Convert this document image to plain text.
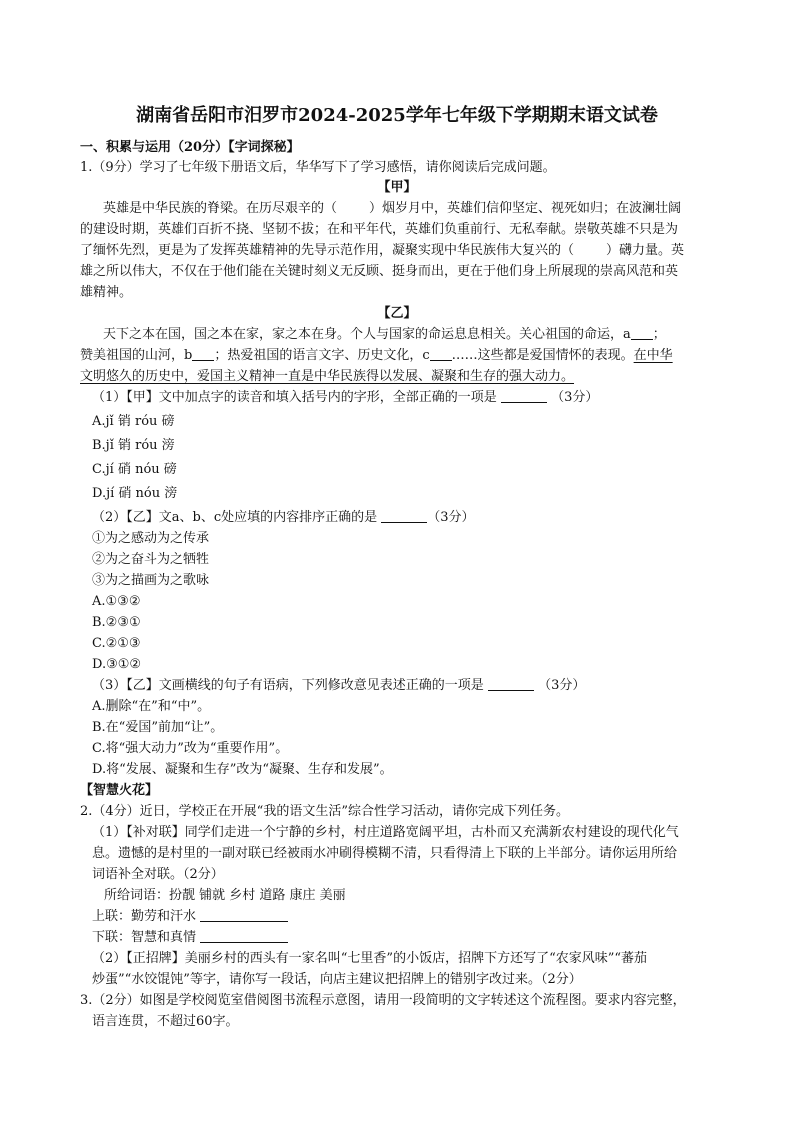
湖南省岳阳市汨罗市2024-2025学年七年级下学期期末语文试卷
一、积累与运用（20分）【字词探秘】
1.（9分）学习了七年级下册语文后，华华写下了学习感悟，请你阅读后完成问题。
【甲】
英雄是中华民族的脊梁。在历尽艰辛的（ ）烟岁月中，英雄们信仰坚定、视死如归；在波澜壮阔
的建设时期，英雄们百折不挠、坚韧不拔；在和平年代，英雄们负重前行、无私奉献。崇敬英雄不只是为
了缅怀先烈，更是为了发挥英雄精神的先导示范作用，凝聚实现中华民族伟大复兴的（ ）礴力量。英
雄之所以伟大，不仅在于他们能在关键时刻义无反顾、挺身而出，更在于他们身上所展现的崇高风范和英
雄精神。
【乙】
天下之本在国，国之本在家，家之本在身。个人与国家的命运息息相关。关心祖国的命运，a ；
赞美祖国的山河，b ；热爱祖国的语言文字、历史文化，c ……这些都是爱国情怀的表现。在中华
文明悠久的历史中，爱国主义精神一直是中华民族得以发展、凝聚和生存的强大动力。
（1）【甲】文中加点字的读音和填入括号内的字形，全部正确的一项是	（3分）
A.jǐ 销 róu 磅
B.jǐ 销 róu 滂
C.jí 硝 nóu 磅
D.jí 硝 nóu 滂
（2）【乙】文a、b、c处应填的内容排序正确的是	（3分）
①为之感动为之传承
②为之奋斗为之牺牲
③为之描画为之歌咏
A.①③②
B.②③①
C.②①③
D.③①②
（3）【乙】文画横线的句子有语病，下列修改意见表述正确的一项是	（3分）
A.删除“在”和“中”。
B.在“爱国”前加“让”。
C.将“强大动力”改为“重要作用”。
D.将“发展、凝聚和生存”改为“凝聚、生存和发展”。
【智慧火花】
2.（4分）近日，学校正在开展“我的语文生活”综合性学习活动，请你完成下列任务。
（1）【补对联】同学们走进一个宁静的乡村，村庄道路宽阔平坦，古朴而又充满新农村建设的现代化气
息。遗憾的是村里的一副对联已经被雨水冲刷得模糊不清，只看得清上下联的上半部分。请你运用所给
词语补全对联。（2分）
所给词语：扮靓 铺就 乡村 道路 康庄 美丽
上联：勤劳和汗水
下联：智慧和真情
（2）【正招牌】美丽乡村的西头有一家名叫“七里香”的小饭店，招牌下方还写了“农家风味”“蕃茄
炒蛋”“水饺馄饨”等字，请你写一段话，向店主建议把招牌上的错别字改过来。（2分）
3.（2分）如图是学校阅览室借阅图书流程示意图，请用一段简明的文字转述这个流程图。要求内容完整，
语言连贯，不超过60字。
